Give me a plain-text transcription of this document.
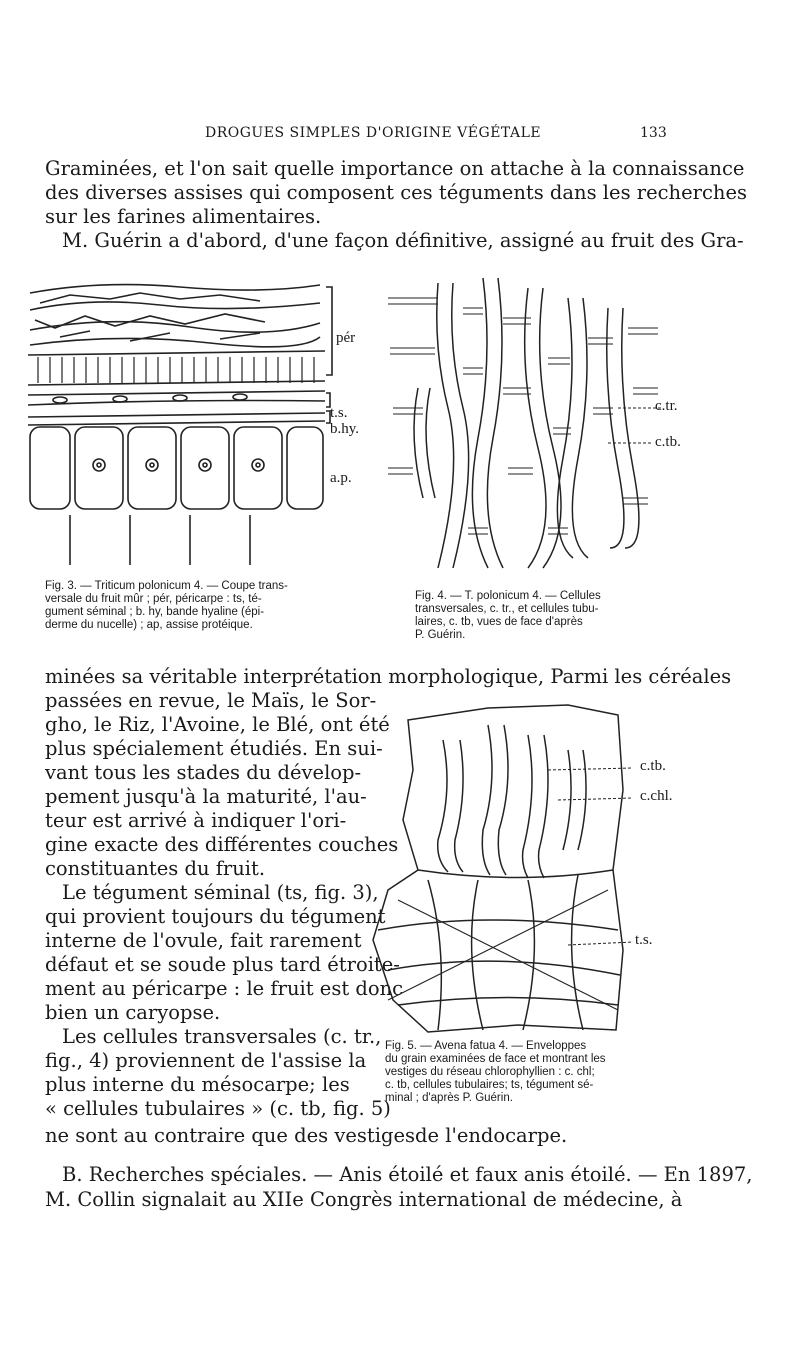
DROGUES SIMPLES D'ORIGINE VÉGÉTALE	133
Graminées, et l'on sait quelle importance on attache à la connaissance
des diverses assises qui composent ces téguments dans les recherches
sur les farines alimentaires.
M. Guérin a d'abord, d'une façon définitive, assigné au fruit des Gra-
pér
t.s.
b.hy.
a.p.
Fig. 3. — Triticum polonicum 4. — Coupe trans-
versale du fruit mûr ; pér, péricarpe : ts, té-
gument séminal ; b. hy, bande hyaline (épi-
derme du nucelle) ; ap, assise protéique.
c.tr.
c.tb.
Fig. 4. — T. polonicum 4. — Cellules
transversales, c. tr., et cellules tubu-
laires, c. tb, vues de face d'après
P. Guérin.
minées sa véritable interprétation morphologique, Parmi les céréales
passées en revue, le Maïs, le Sor-
gho, le Riz, l'Avoine, le Blé, ont été
plus spécialement étudiés. En sui-
vant tous les stades du dévelop-
pement jusqu'à la maturité, l'au-
teur est arrivé à indiquer l'ori-
gine exacte des différentes couches
constituantes du fruit.
Le tégument séminal (ts, fig. 3),
qui provient toujours du tégument
interne de l'ovule, fait rarement
défaut et se soude plus tard étroite-
ment au péricarpe : le fruit est donc
bien un caryopse.
Les cellules transversales (c. tr.,
fig., 4) proviennent de l'assise la
plus interne du mésocarpe; les
« cellules tubulaires » (c. tb, fig. 5)
ne sont au contraire que des vestigesde l'endocarpe.
c.tb.
c.chl.
t.s.
Fig. 5. — Avena fatua 4. — Enveloppes
du grain examinées de face et montrant les
vestiges du réseau chlorophyllien : c. chl;
c. tb, cellules tubulaires; ts, tégument sé-
minal ; d'après P. Guérin.
B. Recherches spéciales. — Anis étoilé et faux anis étoilé. — En 1897,
M. Collin signalait au XIIe Congrès international de médecine, à
